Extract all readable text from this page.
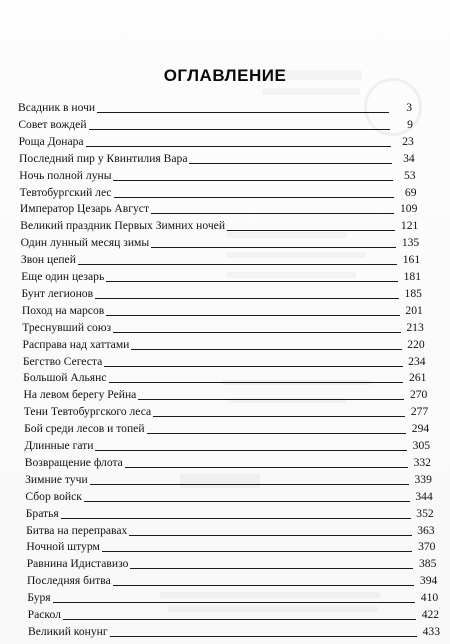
ОГЛАВЛЕНИЕ
Всадник в ночи	3
Совет вождей	9
Роща Донара	23
Последний пир у Квинтилия Вара	34
Ночь полной луны	53
Тевтобургский лес	69
Император Цезарь Август	109
Великий праздник Первых Зимних ночей	121
Один лунный месяц зимы	135
Звон цепей	161
Еще один цезарь	181
Бунт легионов	185
Поход на марсов	201
Треснувший союз	213
Расправа над хаттами	220
Бегство Сегеста	234
Большой Альянс	261
На левом берегу Рейна	270
Тени Тевтобургского леса	277
Бой среди лесов и топей	294
Длинные гати	305
Возвращение флота	332
Зимние тучи	339
Сбор войск	344
Братья	352
Битва на переправах	363
Ночной штурм	370
Равнина Идиставизо	385
Последняя битва	394
Буря	410
Раскол	422
Великий конунг	433
